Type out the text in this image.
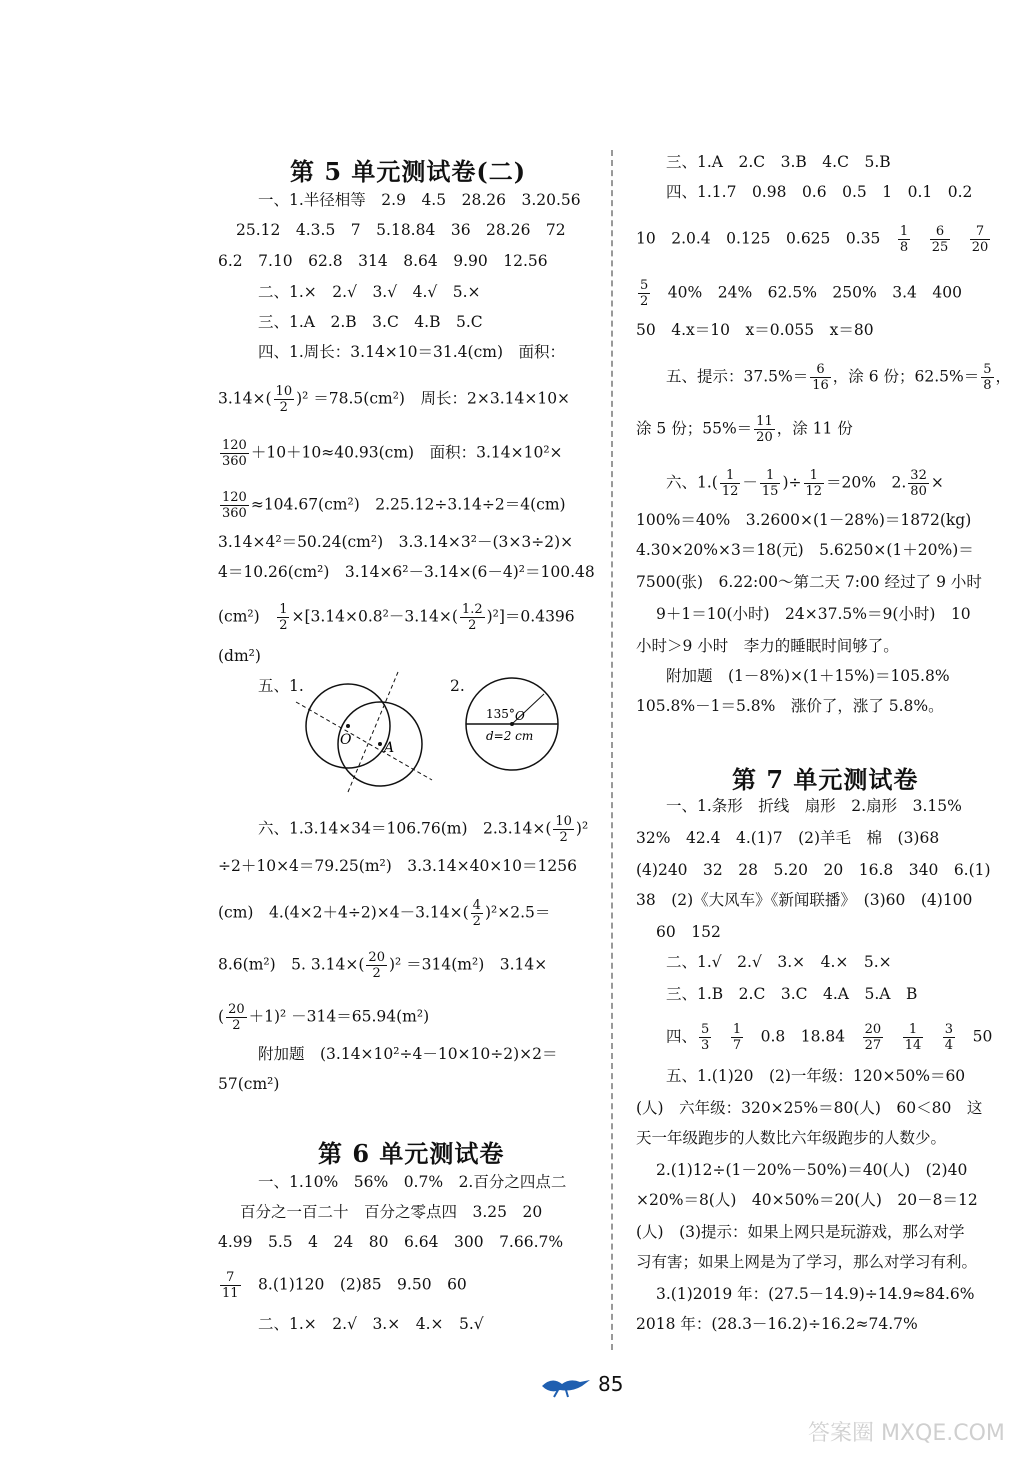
第 5 单元测试卷(二)
一、1.半径相等　2.9　4.5　28.26　3.20.56
25.12　4.3.5　7　5.18.84　36　28.26　72
6.2　7.10　62.8　314　8.64　9.90　12.56
二、1.×　2.√　3.√　4.√　5.×
三、1.A　2.B　3.C　4.B　5.C
四、1.周长：3.14×10＝31.4(cm)　面积：
$3.14\times( \frac{10}{2} )^2 =78.5(cm^2)$　周长：2×3.14×10×
$\frac{120}{360} +10+10\approx 40.93(cm)$　面积：3.14×10²×
$\frac{120}{360} \approx 104.67(cm^2)$　2.25.12÷3.14÷2＝4(cm)
3.14×4²＝50.24(cm²)　3.3.14×3²－(3×3÷2)×
4＝10.26(cm²)　3.14×6²－3.14×(6－4)²＝100.48
(cm²)　 $\frac{1}{2} \times[3.14\times 0.8^2-3.14\times( \frac{1.2}{2} )^2]=0.4396$
(dm²)
五、1.
O A
2.
135° O
d=2 cm
六、1.3.14×34＝106.76(m)　$2.3.14\times( \frac{10}{2} )^2$
÷2＋10×4＝79.25(m²)　3.3.14×40×10＝1256
(cm)　$4.(4\times 2+4\div 2)\times 4-3.14\times( \frac{4}{2} )^2\times 2.5=$
8.6(m²)　5. $3.14\times( \frac{20}{2} )^2 =314(m^2)$　3.14×
( $\frac{20}{2} +1)^2 -314=65.94(m^2)$
附加题　(3.14×10²÷4－10×10÷2)×2＝
57(cm²)
第 6 单元测试卷
一、1.10%　56%　0.7%　2.百分之四点二
百分之一百二十　百分之零点四　3.25　20
4.99　5.5　4　24　80　6.64　300　7.66.7%
$\frac{7}{11}$ 　8.(1)120　(2)85　9.50　60
二、1.×　2.√　3.×　4.×　5.√
三、1.A　2.C　3.B　4.C　5.B
四、1.1.7　0.98　0.6　0.5　1　0.1　0.2
10　2.0.4　0.125　0.625　0.35　 $\frac{1}{8}$
　 $\frac{6}{25}$
　 $\frac{7}{20}$
$\frac{5}{2}$ 　40%　24%　62.5%　250%　3.4　400
50　4.x＝10　x＝0.055　x＝80
五、提示：$37.5\%= \frac{6}{16}$ ，涂 6 份；$62.5\%= \frac{5}{8}$ ，
涂 5 份；$55\%= \frac{11}{20}$ ，涂 11 份
六、$1.( \frac{1}{12} - \frac{1}{15}$ )÷ $\frac{1}{12} =20\%$　2. $\frac{32}{80}$ ×
100%＝40%　3.2600×(1－28%)＝1872(kg)
4.30×20%×3＝18(元)　5.6250×(1＋20%)＝
7500(张)　6.22:00～第二天 7:00 经过了 9 小时
9＋1＝10(小时)　24×37.5%＝9(小时)　10
小时＞9 小时　李力的睡眠时间够了。
附加题　(1－8%)×(1＋15%)＝105.8%
105.8%－1＝5.8%　涨价了，涨了 5.8%。
第 7 单元测试卷
一、1.条形　折线　扇形　2.扇形　3.15%
32%　42.4　4.(1)7　(2)羊毛　棉　(3)68
(4)240　32　28　5.20　20　16.8　340　6.(1)
38　(2)《大风车》《新闻联播》　(3)60　(4)100
60　152
二、1.√　2.√　3.×　4.×　5.×
三、1.B　2.C　3.C　4.A　5.A　B
四、 $\frac{5}{3}$
　 $\frac{1}{7}$
　 0.8　18.84　 $\frac{20}{27}$
　 $\frac{1}{14}$
　 $\frac{3}{4}$
　 50
五、1.(1)20　(2)一年级：120×50%＝60
(人)　六年级：320×25%＝80(人)　60＜80　这
天一年级跑步的人数比六年级跑步的人数少。
2.(1)12÷(1－20%－50%)＝40(人)　(2)40
×20%＝8(人)　40×50%＝20(人)　20－8＝12
(人)　(3)提示：如果上网只是玩游戏，那么对学
习有害；如果上网是为了学习，那么对学习有利。
3.(1)2019 年：(27.5－14.9)÷14.9≈84.6%
2018 年：(28.3－16.2)÷16.2≈74.7%
85
答案圈 MXQE.COM
